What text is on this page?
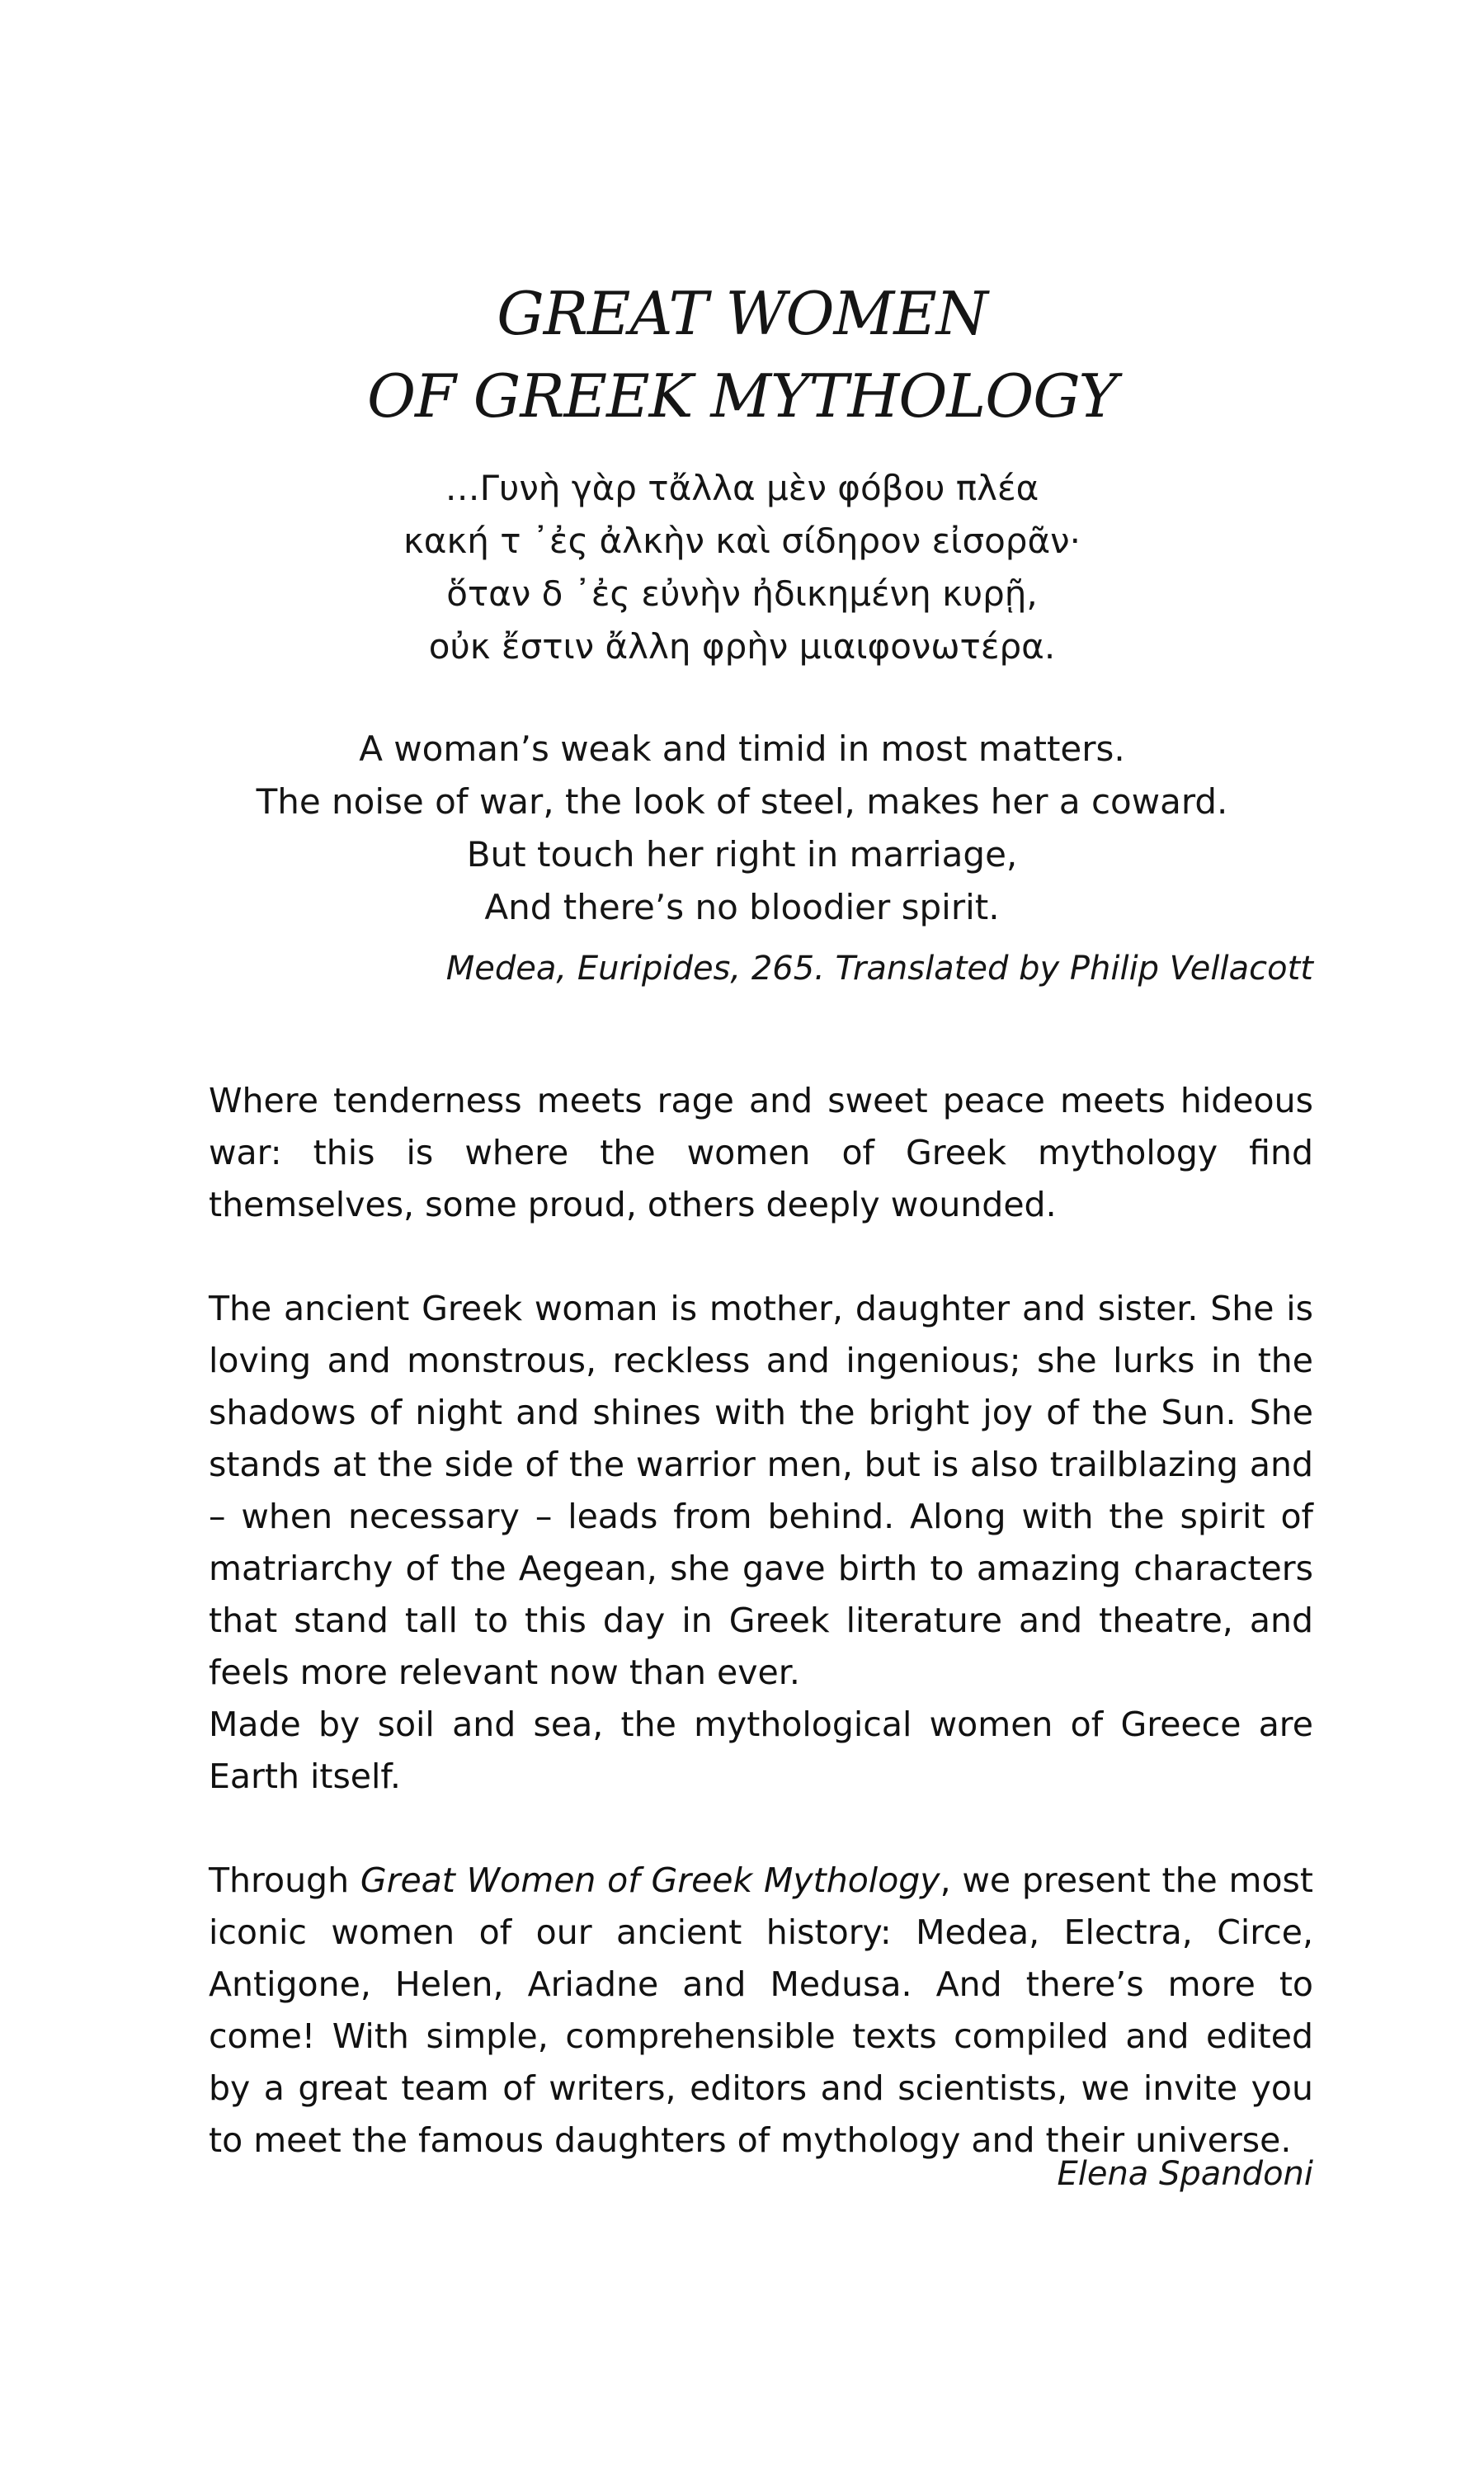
GREAT WOMEN
OF GREEK MYTHOLOGY
…Γυνὴ γὰρ τἄλλα μὲν φόβου πλέα
κακή τ ᾿ἐς ἀλκὴν καὶ σίδηρον εἰσορᾶν·
ὅταν δ ᾿ἐς εὐνὴν ἠδικημένη κυρῇ,
οὐκ ἔστιν ἄλλη φρὴν μιαιφονωτέρα.
A woman’s weak and timid in most matters.
The noise of war, the look of steel, makes her a coward.
But touch her right in marriage,
And there’s no bloodier spirit.
Medea, Euripides, 265. Translated by Philip Vellacott

Where tenderness meets rage and sweet peace meets hideous war: this is where the women of Greek mythology find themselves, some proud, others deeply wounded.

The ancient Greek woman is mother, daughter and sister. She is loving and monstrous, reckless and ingenious; she lurks in the shadows of night and shines with the bright joy of the Sun. She stands at the side of the warrior men, but is also trailblazing and – when necessary – leads from behind. Along with the spirit of matriarchy of the Aegean, she gave birth to amazing characters that stand tall to this day in Greek literature and theatre, and feels more relevant now than ever.

Made by soil and sea, the mythological women of Greece are Earth itself.

Through Great Women of Greek Mythology, we present the most iconic women of our ancient history: Medea, Electra, Circe, Antigone, Helen, Ariadne and Medusa. And there’s more to come! With simple, comprehensible texts compiled and edited by a great team of writers, editors and scientists, we invite you to meet the famous daughters of mythology and their universe.

Elena Spandoni
